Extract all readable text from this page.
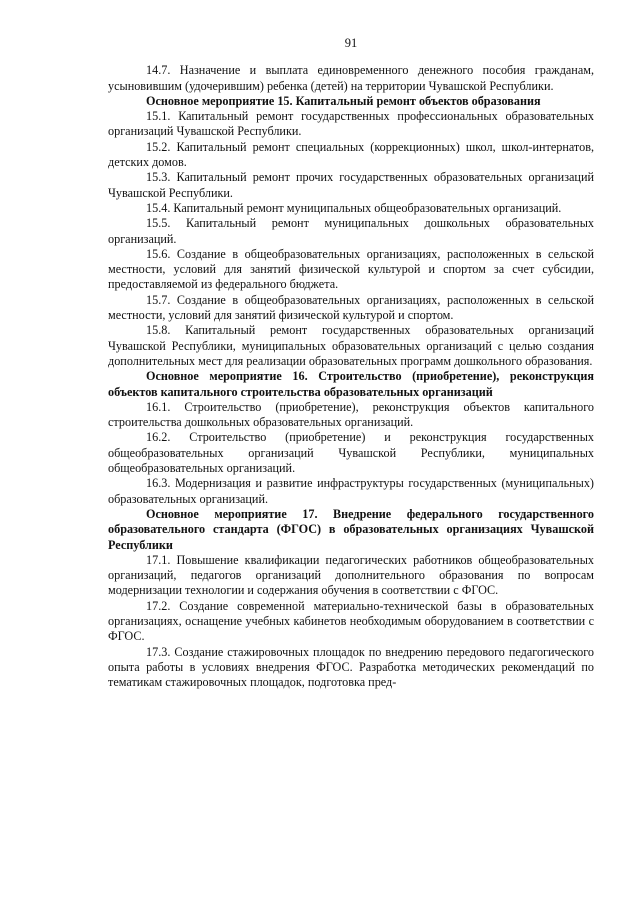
91

14.7. Назначение и выплата единовременного денежного пособия гражданам, усыновившим (удочерившим) ребенка (детей) на территории Чувашской Республики.

Основное мероприятие 15. Капитальный ремонт объектов образования

15.1. Капитальный ремонт государственных профессиональных образовательных организаций Чувашской Республики.

15.2. Капитальный ремонт специальных (коррекционных) школ, школ-интернатов, детских домов.

15.3. Капитальный ремонт прочих государственных образовательных организаций Чувашской Республики.

15.4. Капитальный ремонт муниципальных общеобразовательных организаций.

15.5. Капитальный ремонт муниципальных дошкольных образовательных организаций.

15.6. Создание в общеобразовательных организациях, расположенных в сельской местности, условий для занятий физической культурой и спортом за счет субсидии, предоставляемой из федерального бюджета.

15.7. Создание в общеобразовательных организациях, расположенных в сельской местности, условий для занятий физической культурой и спортом.

15.8. Капитальный ремонт государственных образовательных организаций Чувашской Республики, муниципальных образовательных организаций с целью создания дополнительных мест для реализации образовательных программ дошкольного образования.

Основное мероприятие 16. Строительство (приобретение), реконструкция объектов капитального строительства образовательных организаций

16.1. Строительство (приобретение), реконструкция объектов капитального строительства дошкольных образовательных организаций.

16.2. Строительство (приобретение) и реконструкция государственных общеобразовательных организаций Чувашской Республики, муниципальных общеобразовательных организаций.

16.3. Модернизация и развитие инфраструктуры государственных (муниципальных) образовательных организаций.

Основное мероприятие 17. Внедрение федерального государственного образовательного стандарта (ФГОС) в образовательных организациях Чувашской Республики

17.1. Повышение квалификации педагогических работников общеобразовательных организаций, педагогов организаций дополнительного образования по вопросам модернизации технологии и содержания обучения в соответствии с ФГОС.

17.2. Создание современной материально-технической базы в образовательных организациях, оснащение учебных кабинетов необходимым оборудованием в соответствии с ФГОС.

17.3. Создание стажировочных площадок по внедрению передового педагогического опыта работы в условиях внедрения ФГОС. Разработка методических рекомендаций по тематикам стажировочных площадок, подготовка пред-
